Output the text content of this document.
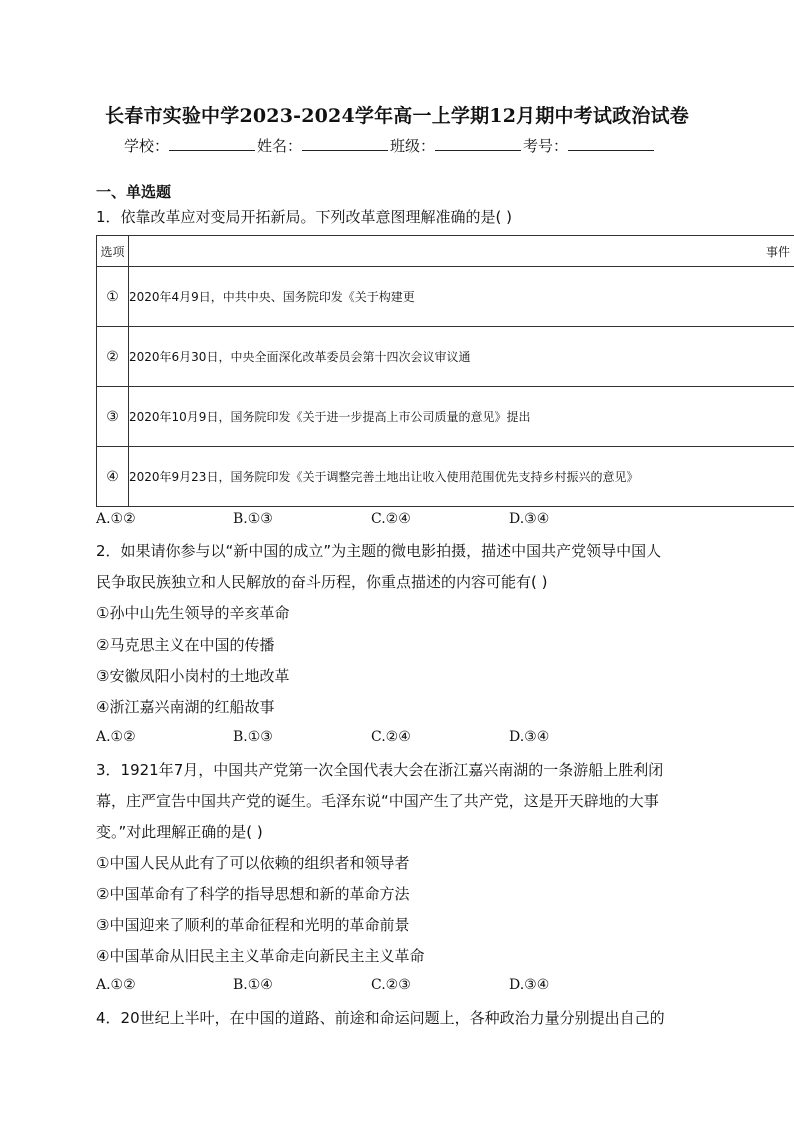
长春市实验中学2023-2024学年高一上学期12月期中考试政治试卷
学校：	姓名：	班级：	考号：
一、单选题
1．依靠改革应对变局开拓新局。下列改革意图理解准确的是( )
选项	事件
①	2020年4月9日，中共中央、国务院印发《关于构建更
②	2020年6月30日，中央全面深化改革委员会第十四次会议审议通
③	2020年10月9日，国务院印发《关于进一步提高上市公司质量的意见》提出
④	2020年9月23日，国务院印发《关于调整完善土地出让收入使用范围优先支持乡村振兴的意见》
A.①②	B.①③	C.②④	D.③④
2．如果请你参与以“新中国的成立”为主题的微电影拍摄，描述中国共产党领导中国人
民争取民族独立和人民解放的奋斗历程，你重点描述的内容可能有( )
①孙中山先生领导的辛亥革命
②马克思主义在中国的传播
③安徽凤阳小岗村的土地改革
④浙江嘉兴南湖的红船故事
A.①②	B.①③	C.②④	D.③④
3．1921年7月，中国共产党第一次全国代表大会在浙江嘉兴南湖的一条游船上胜利闭
幕，庄严宣告中国共产党的诞生。毛泽东说“中国产生了共产党，这是开天辟地的大事
变。”对此理解正确的是( )
①中国人民从此有了可以依赖的组织者和领导者
②中国革命有了科学的指导思想和新的革命方法
③中国迎来了顺利的革命征程和光明的革命前景
④中国革命从旧民主主义革命走向新民主主义革命
A.①②	B.①④	C.②③	D.③④
4．20世纪上半叶，在中国的道路、前途和命运问题上，各种政治力量分别提出自己的
